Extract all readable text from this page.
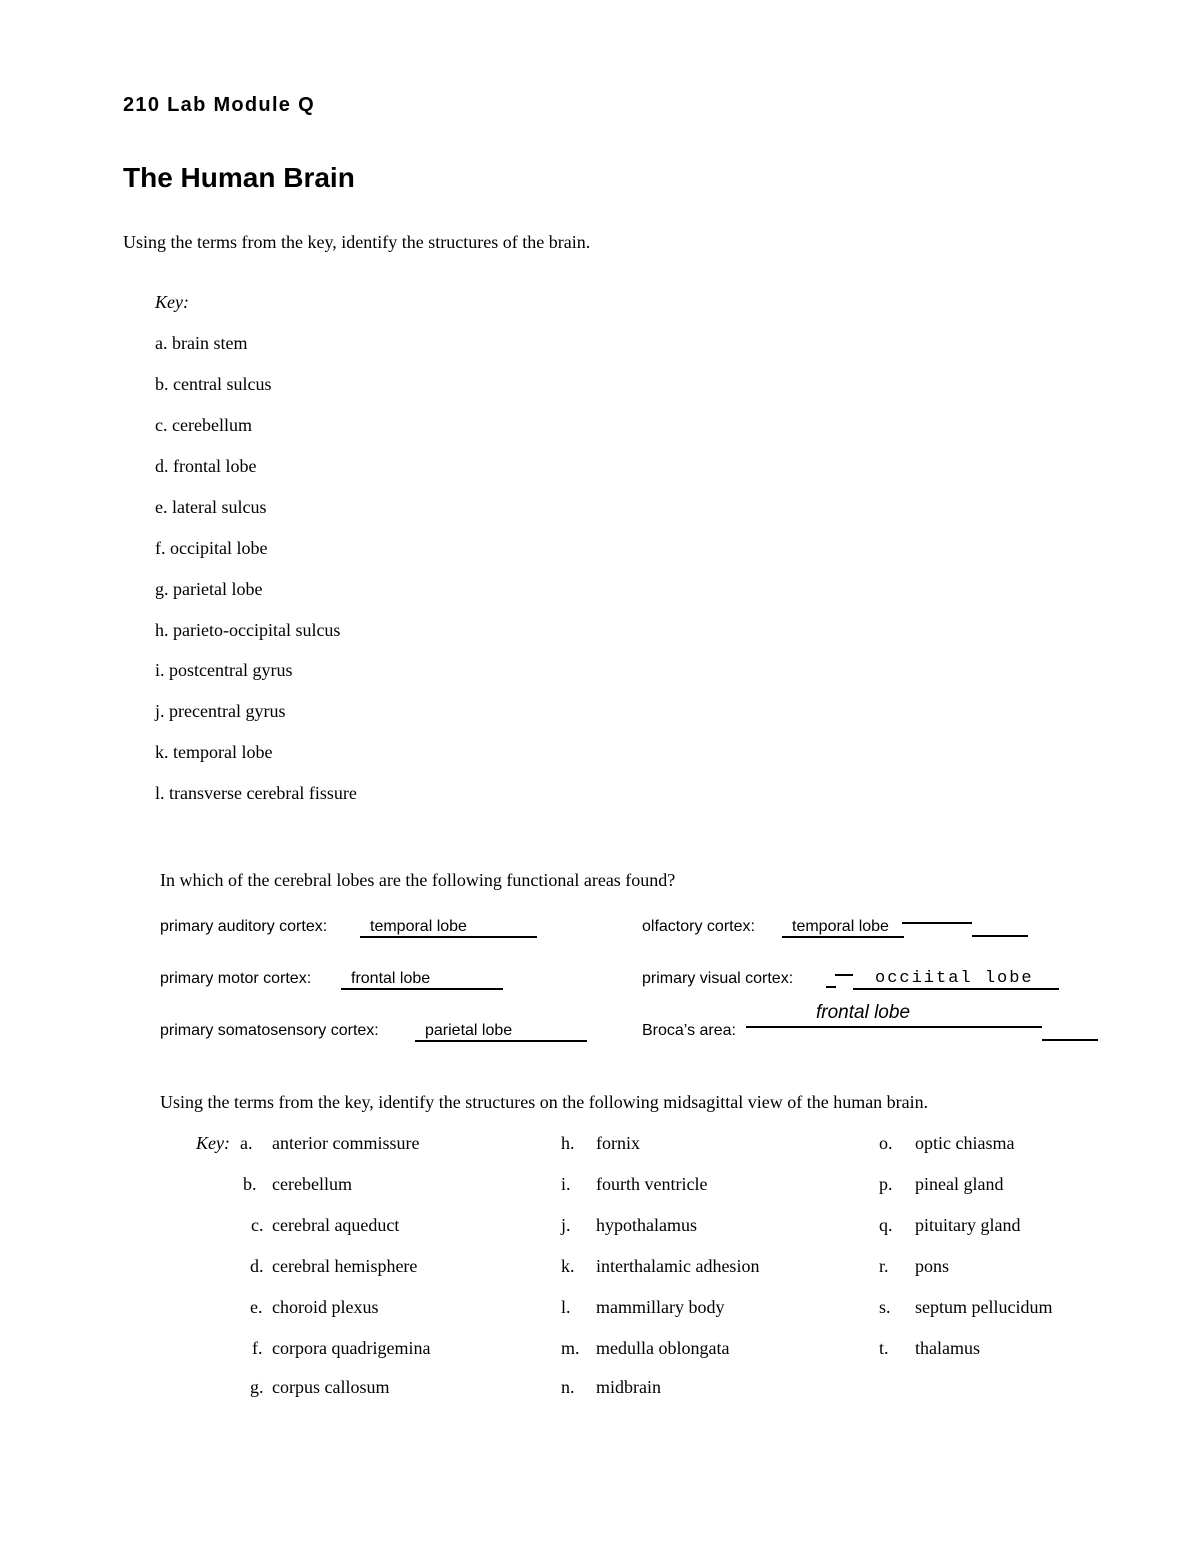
210 Lab Module Q
The Human Brain
Using the terms from the key, identify the structures of the brain.
Key:
a. brain stem
b. central sulcus
c. cerebellum
d. frontal lobe
e. lateral sulcus
f. occipital lobe
g. parietal lobe
h. parieto-occipital sulcus
i. postcentral gyrus
j. precentral gyrus
k. temporal lobe
l. transverse cerebral fissure
In which of the cerebral lobes are the following functional areas found?
primary auditory cortex:	temporal lobe
primary motor cortex: frontal lobe
primary somatosensory cortex:	parietal lobe
olfactory cortex: temporal lobe
primary visual cortex:	occiital lobe
Broca’s area:
frontal lobe
Using the terms from the key, identify the structures on the following midsagittal view of the human brain.
Key: a. anterior commissure
b. cerebellum
c. cerebral aqueduct
d. cerebral hemisphere
e. choroid plexus
f. corpora quadrigemina
g. corpus callosum
h. fornix
i. fourth ventricle
j. hypothalamus
k. interthalamic adhesion
l. mammillary body
m. medulla oblongata
n. midbrain
o. optic chiasma
p. pineal gland
q. pituitary gland
r. pons
s. septum pellucidum
t. thalamus
